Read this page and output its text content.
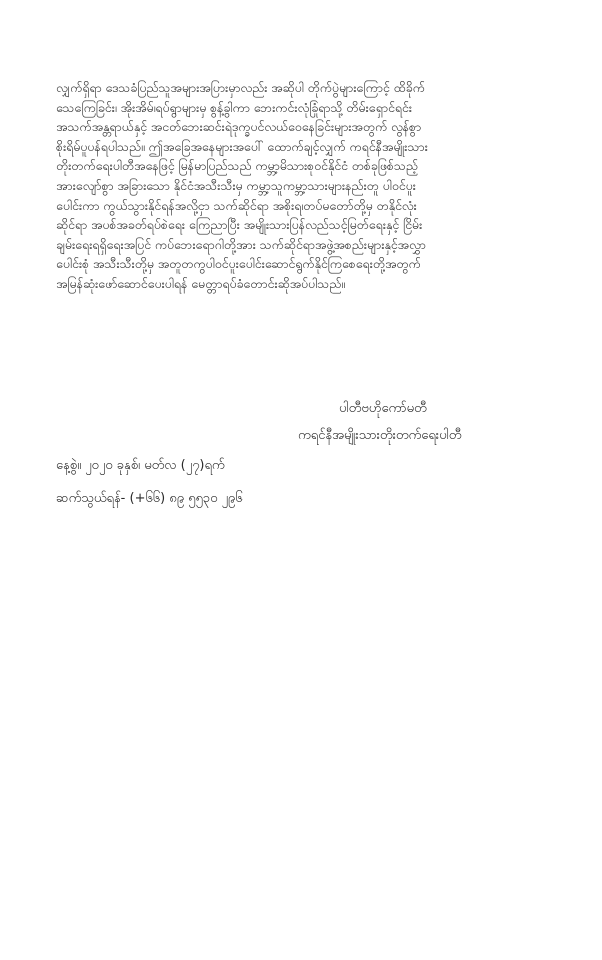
လျှက်ရှိရာ ဒေသခံပြည်သူအများအပြားမှာလည်း အဆိုပါ တိုက်ပွဲများကြောင့် ထိခိုက်
သေကြေခြင်း၊ အိုးအိမ်၊ရပ်ရွာများမှ စွန့်ခွါကာ ဘေးကင်းလုံခြုံရာသို့ တိမ်းရှောင်ရင်း
အသက်အန္တရာယ်နှင့် အငတ်ဘေးဆင်းရဲဒုက္ခပင်လယ်ဝေနေခြင်းများအတွက် လွန်စွာ
စိုးရိမ်ပူပန်ရပါသည်။ ဤအခြေအနေများအပေါ် ထောက်ချင့်လျှက် ကရင်နီအမျိုးသား
တိုးတက်ရေးပါတီအနေဖြင့် မြန်မာပြည်သည် ကမ္ဘာ့မိသားစုဝင်နိုင်ငံ တစ်ခုဖြစ်သည့်
အားလျော်စွာ အခြားသော နိုင်ငံအသီးသီးမှ ကမ္ဘာ့သူကမ္ဘာ့သားများနည်းတူ ပါဝင်ပူး
ပေါင်းကာ ကွယ်သွားနိုင်ရန်အလို့ငှာ သက်ဆိုင်ရာ အစိုးရ၊တပ်မတော်တို့မှ တနိုင်လုံး
ဆိုင်ရာ အပစ်အခတ်ရပ်စဲရေး ကြေညာပြီး အမျိုးသားပြန်လည်သင့်မြတ်ရေးနှင့် ငြိမ်း
ချမ်းရေးရရှိရေးအပြင် ကပ်ဘေးရောဂါတို့အား သက်ဆိုင်ရာအဖွဲ့အစည်းများနှင့်အလွှာ
ပေါင်းစုံ အသီးသီးတို့မှ အတူတကွပါဝင်ပူးပေါင်းဆောင်ရွက်နိုင်ကြစေရေးတို့အတွက်
အမြန်ဆုံးဖော်ဆောင်ပေးပါရန် မေတ္တာရပ်ခံတောင်းဆိုအပ်ပါသည်။
ပါတီဗဟိုကော်မတီ
ကရင်နီအမျိုးသားတိုးတက်ရေးပါတီ
နေ့စွဲ။ ၂၀၂၀ ခုနှစ်၊ မတ်လ (၂၇)ရက်
ဆက်သွယ်ရန်- (+၆၆) ၈၉ ၅၅၃၀ ၂၉၆
